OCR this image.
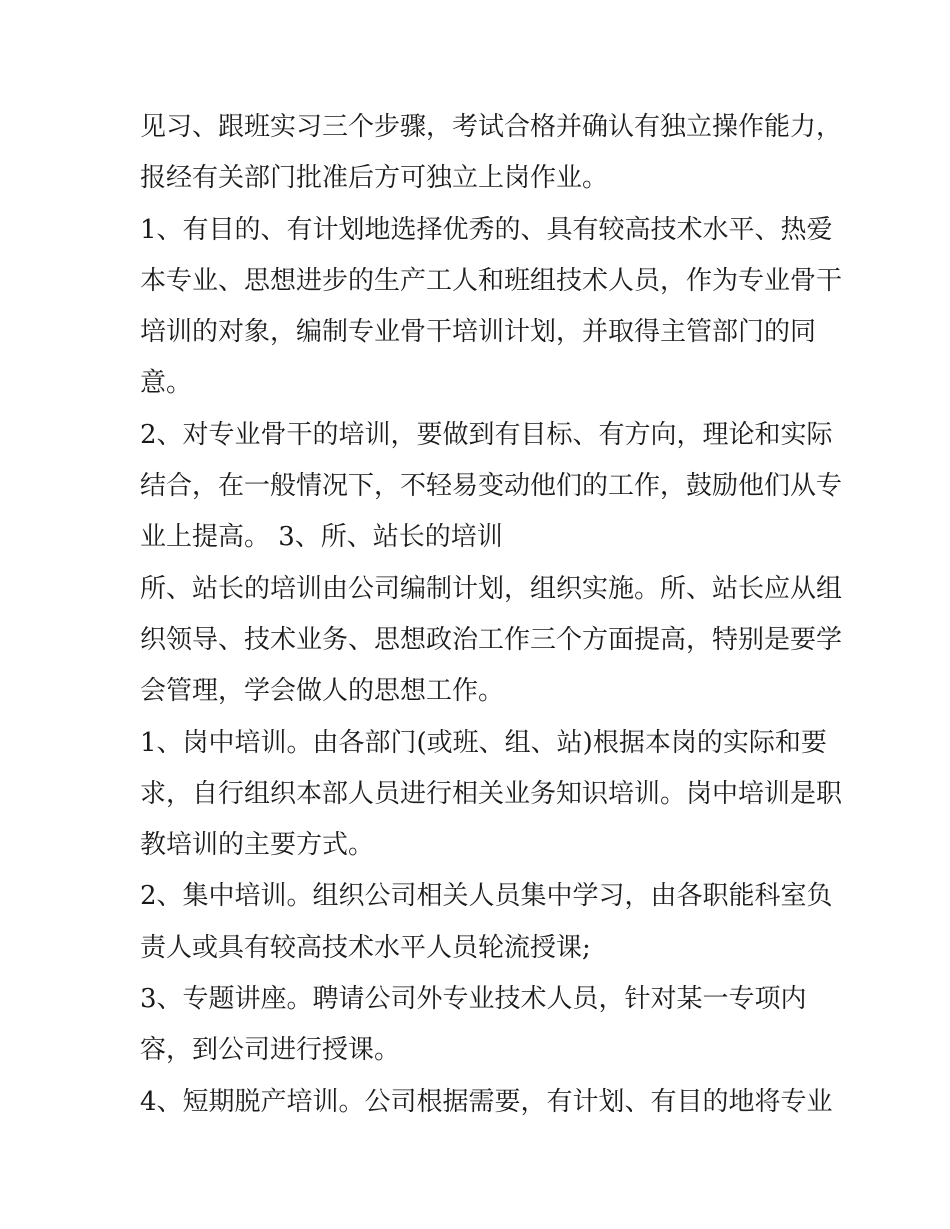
见习、跟班实习三个步骤，考试合格并确认有独立操作能力，
报经有关部门批准后方可独立上岗作业。
1、有目的、有计划地选择优秀的、具有较高技术水平、热爱
本专业、思想进步的生产工人和班组技术人员，作为专业骨干
培训的对象，编制专业骨干培训计划，并取得主管部门的同
意。
2、对专业骨干的培训，要做到有目标、有方向，理论和实际
结合，在一般情况下，不轻易变动他们的工作，鼓励他们从专
业上提高。 3、所、站长的培训
所、站长的培训由公司编制计划，组织实施。所、站长应从组
织领导、技术业务、思想政治工作三个方面提高，特别是要学
会管理，学会做人的思想工作。
1、岗中培训。由各部门(或班、组、站)根据本岗的实际和要
求，自行组织本部人员进行相关业务知识培训。岗中培训是职
教培训的主要方式。
2、集中培训。组织公司相关人员集中学习，由各职能科室负
责人或具有较高技术水平人员轮流授课;
3、专题讲座。聘请公司外专业技术人员，针对某一专项内
容，到公司进行授课。
4、短期脱产培训。公司根据需要，有计划、有目的地将专业
